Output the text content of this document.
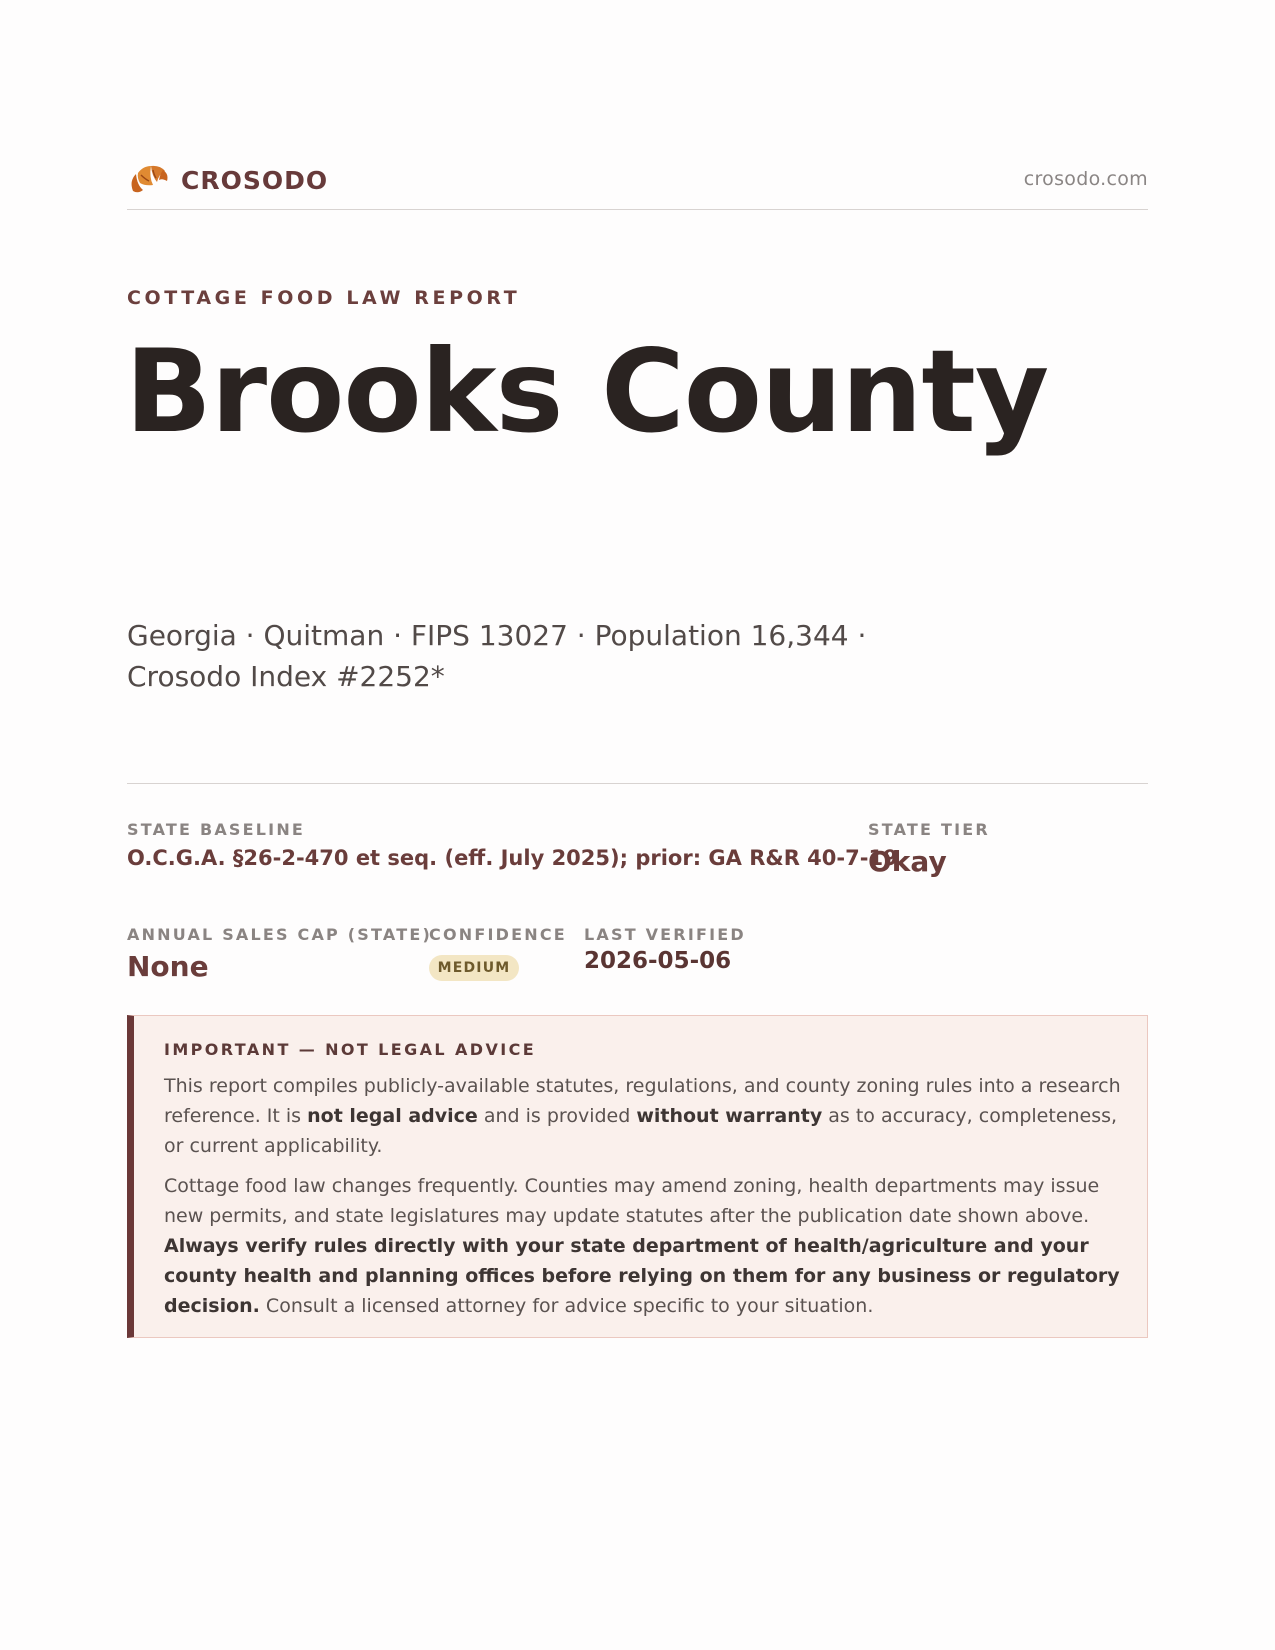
CROSODO	crosodo.com
COTTAGE FOOD LAW REPORT
Brooks County

Georgia · Quitman · FIPS 13027 · Population 16,344 · Crosodo Index #2252*

STATE BASELINE
O.C.G.A. §26-2-470 et seq. (eff. July 2025); prior: GA R&R 40-7-19
STATE TIER
Okay
ANNUAL SALES CAP (STATE)
None
CONFIDENCE
MEDIUM
LAST VERIFIED
2026-05-06
IMPORTANT — NOT LEGAL ADVICE

This report compiles publicly-available statutes, regulations, and county zoning rules into a research reference. It is not legal advice and is provided without warranty as to accuracy, completeness, or current applicability.

Cottage food law changes frequently. Counties may amend zoning, health departments may issue new permits, and state legislatures may update statutes after the publication date shown above. Always verify rules directly with your state department of health/agriculture and your county health and planning offices before relying on them for any business or regulatory decision. Consult a licensed attorney for advice specific to your situation.
